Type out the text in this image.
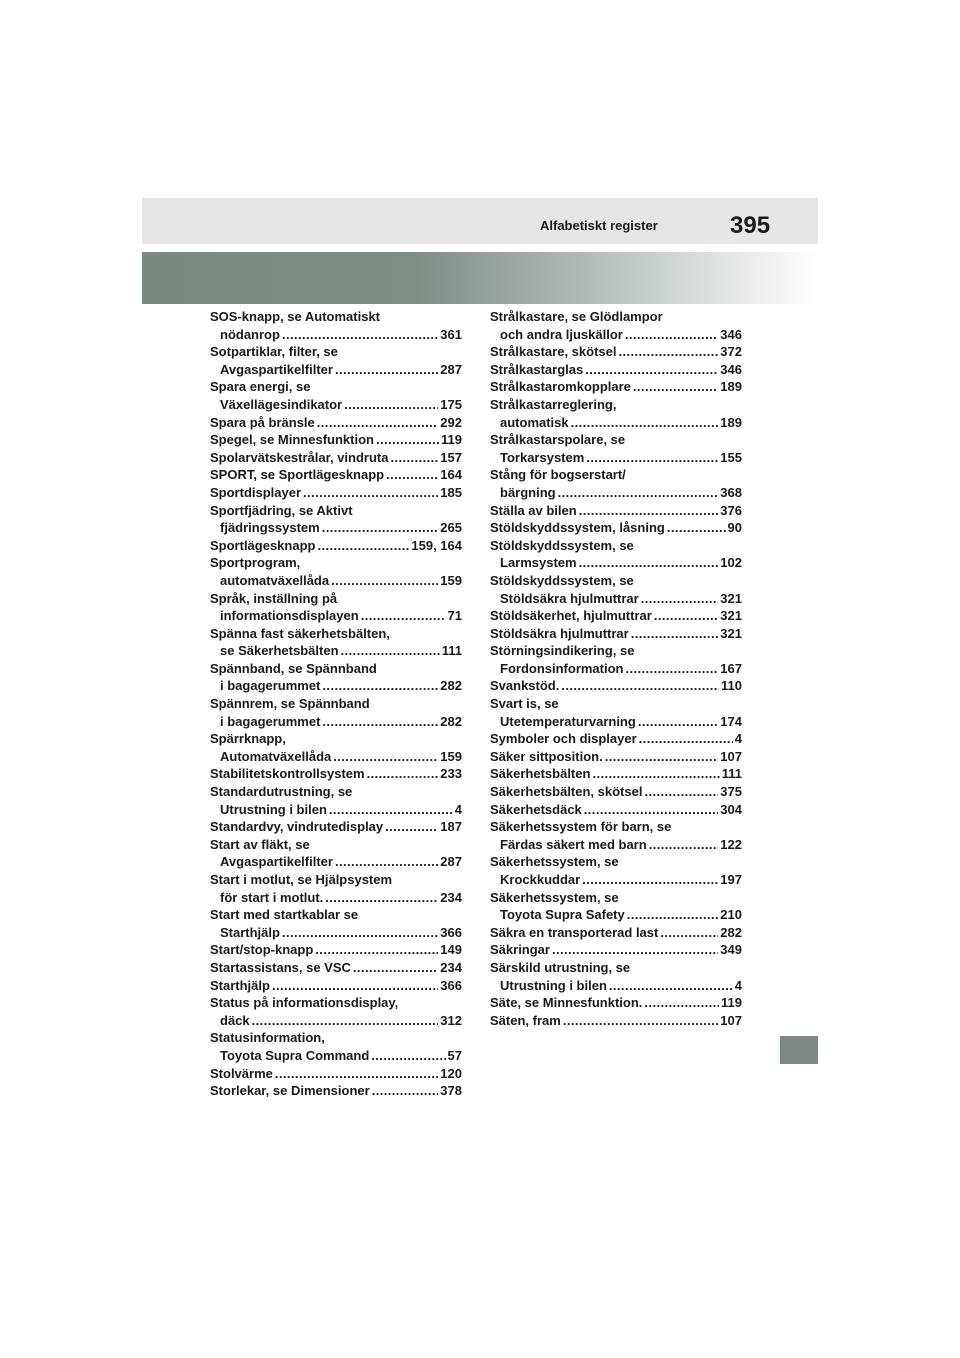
Alfabetiskt register	395
SOS-knapp, se Automatiskt
nödanrop .....	361
Sotpartiklar, filter, se
Avgaspartikelfilter .....	287
Spara energi, se
Växellägesindikator .....	175
Spara på bränsle .....	292
Spegel, se Minnesfunktion .....	119
Spolarvätskestrålar, vindruta .....	157
SPORT, se Sportlägesknapp .....	164
Sportdisplayer .....	185
Sportfjädring, se Aktivt
fjädringssystem .....	265
Sportlägesknapp .....	159, 164
Sportprogram,
automatväxellåda .....	159
Språk, inställning på
informationsdisplayen .....	71
Spänna fast säkerhetsbälten,
se Säkerhetsbälten .....	111
Spännband, se Spännband
i bagagerummet .....	282
Spännrem, se Spännband
i bagagerummet .....	282
Spärrknapp,
Automatväxellåda .....	159
Stabilitetskontrollsystem .....	233
Standardutrustning, se
Utrustning i bilen .....	4
Standardvy, vindrutedisplay .....	187
Start av fläkt, se
Avgaspartikelfilter .....	287
Start i motlut, se Hjälpsystem
för start i motlut. .....	234
Start med startkablar se
Starthjälp .....	366
Start/stop-knapp .....	149
Startassistans, se VSC .....	234
Starthjälp .....	366
Status på informationsdisplay,
däck .....	312
Statusinformation,
Toyota Supra Command .....	57
Stolvärme .....	120
Storlekar, se Dimensioner .....	378
Strålkastare, se Glödlampor
och andra ljuskällor .....	346
Strålkastare, skötsel .....	372
Strålkastarglas .....	346
Strålkastaromkopplare .....	189
Strålkastarreglering,
automatisk .....	189
Strålkastarspolare, se
Torkarsystem .....	155
Stång för bogserstart/
bärgning .....	368
Ställa av bilen .....	376
Stöldskyddssystem, låsning .....	90
Stöldskyddssystem, se
Larmsystem .....	102
Stöldskyddssystem, se
Stöldsäkra hjulmuttrar .....	321
Stöldsäkerhet, hjulmuttrar .....	321
Stöldsäkra hjulmuttrar .....	321
Störningsindikering, se
Fordonsinformation .....	167
Svankstöd. .....	110
Svart is, se
Utetemperaturvarning .....	174
Symboler och displayer .....	4
Säker sittposition. .....	107
Säkerhetsbälten .....	111
Säkerhetsbälten, skötsel .....	375
Säkerhetsdäck .....	304
Säkerhetssystem för barn, se
Färdas säkert med barn .....	122
Säkerhetssystem, se
Krockkuddar .....	197
Säkerhetssystem, se
Toyota Supra Safety .....	210
Säkra en transporterad last .....	282
Säkringar .....	349
Särskild utrustning, se
Utrustning i bilen .....	4
Säte, se Minnesfunktion. .....	119
Säten, fram .....	107
